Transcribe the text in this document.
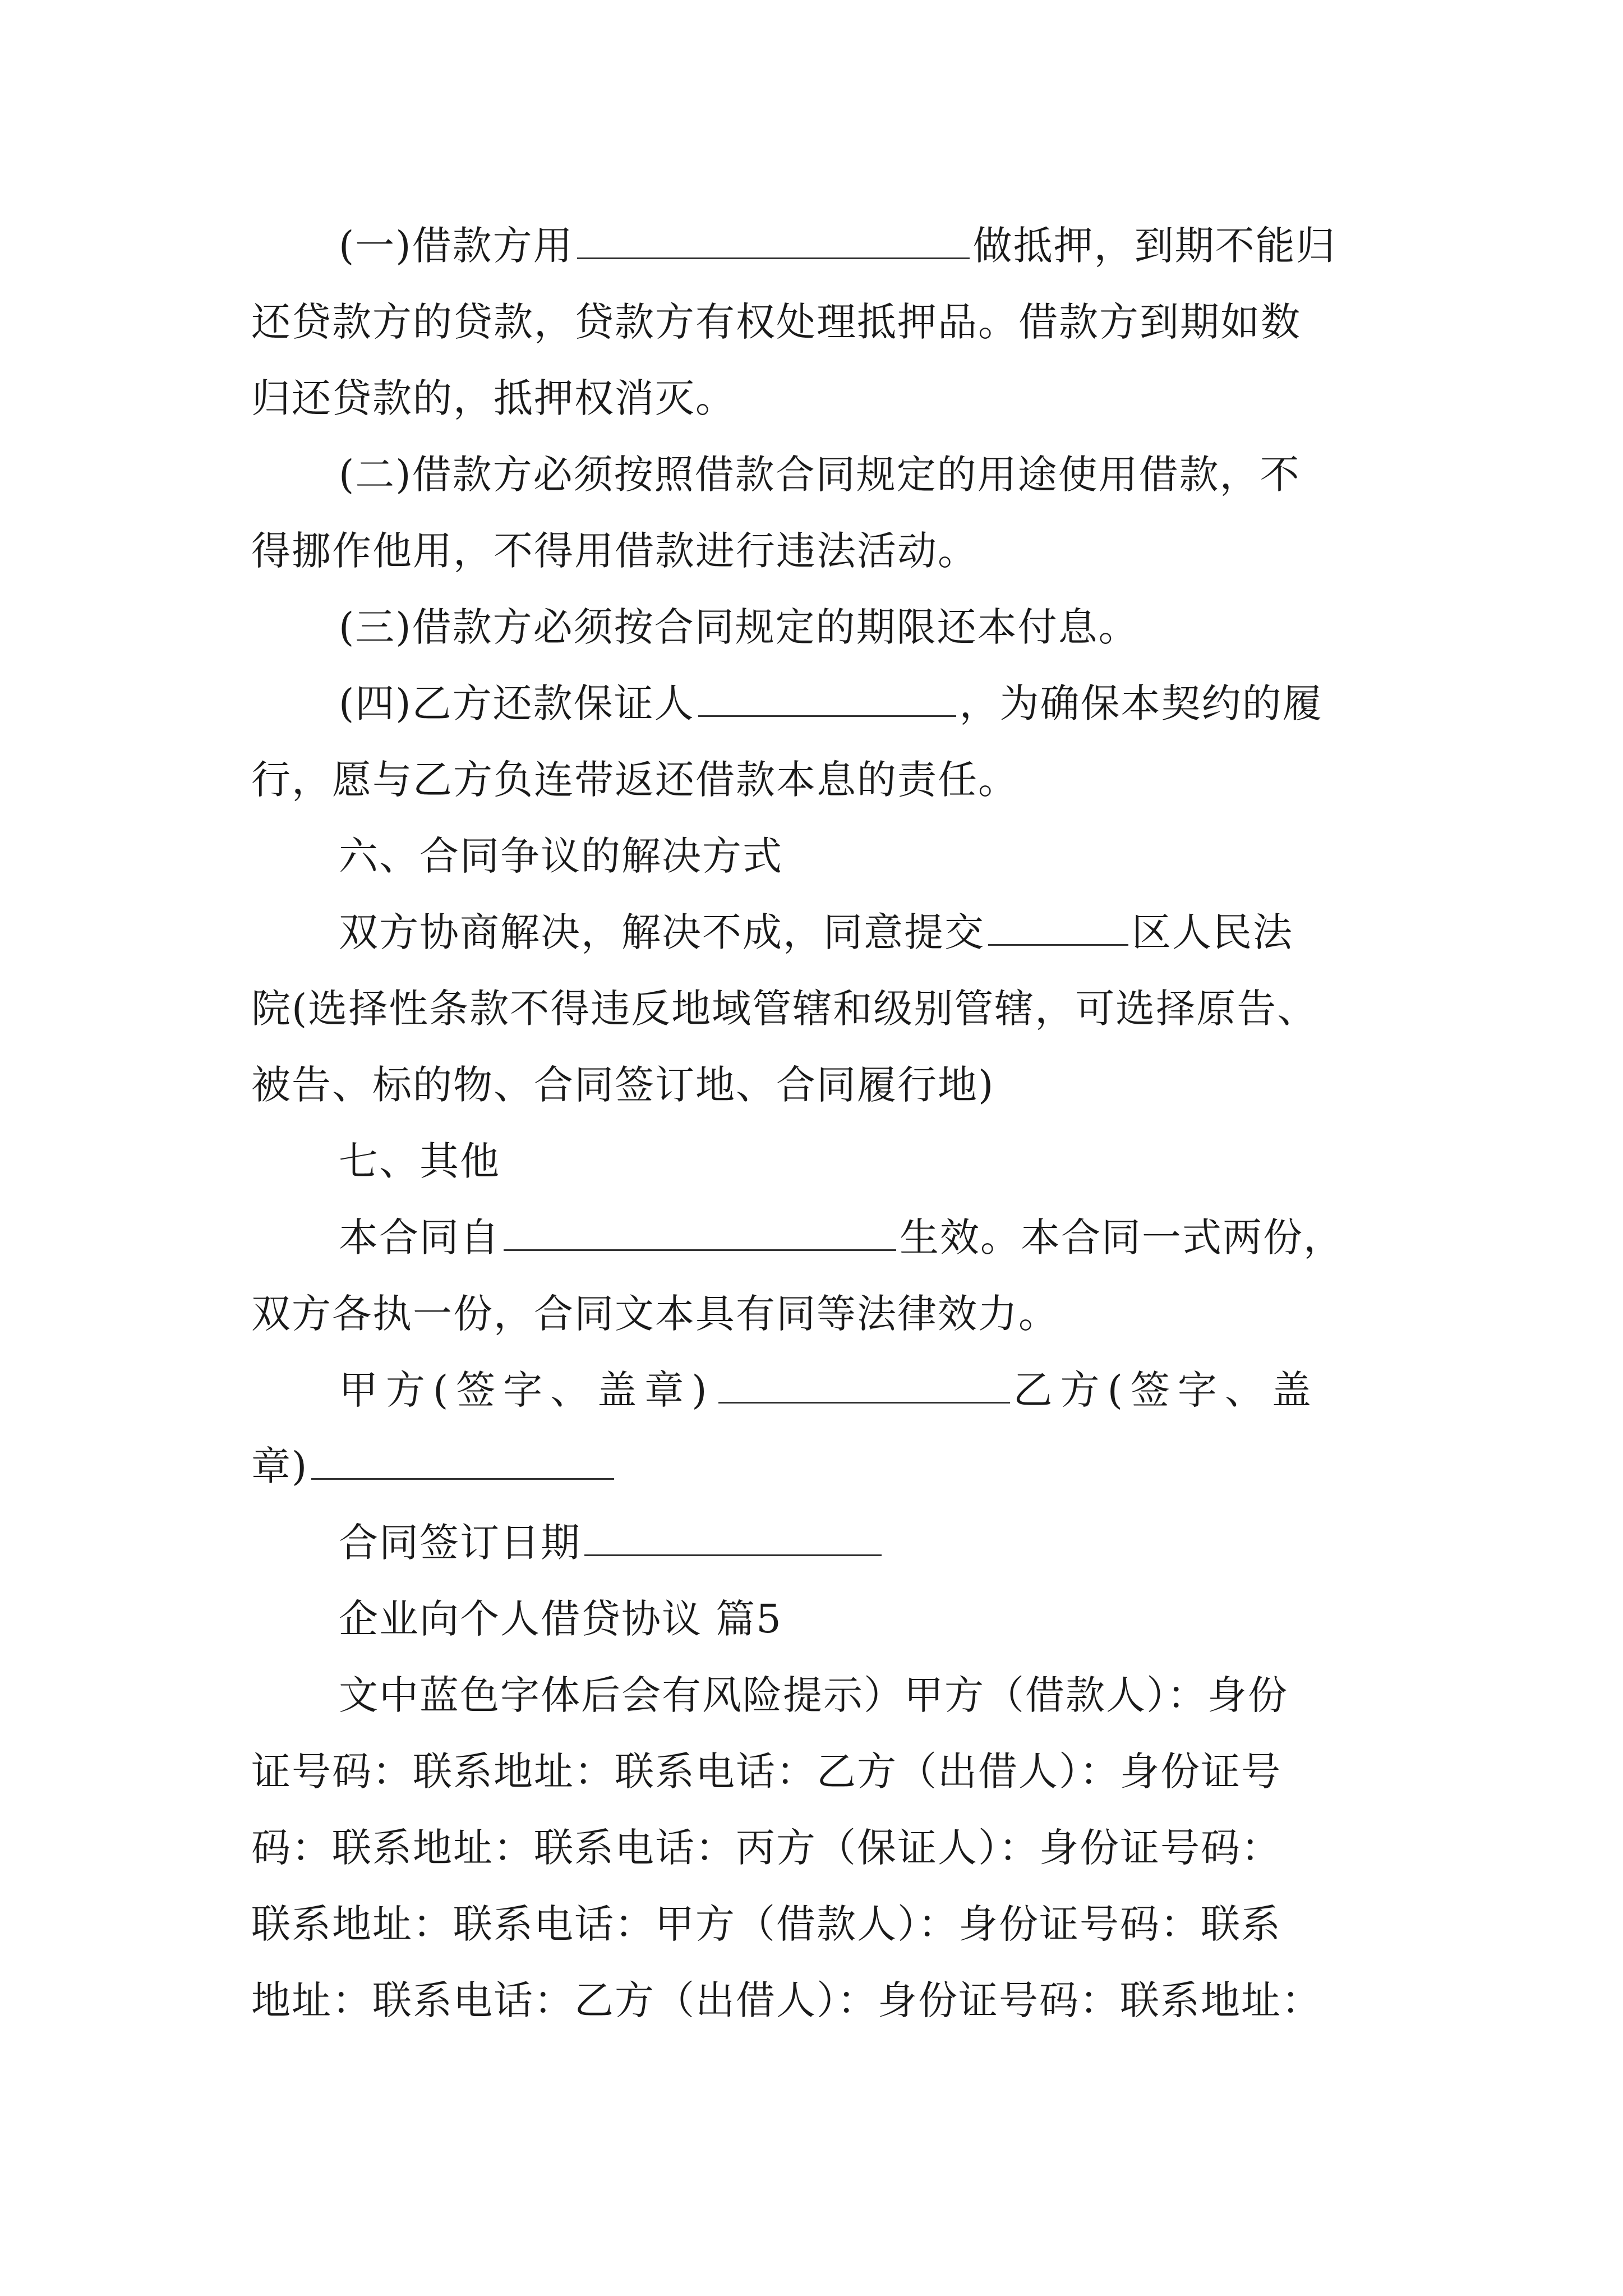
(一)借款方用	做抵押，到期不能归
还贷款方的贷款，贷款方有权处理抵押品。借款方到期如数
归还贷款的，抵押权消灭。
(二)借款方必须按照借款合同规定的用途使用借款，不
得挪作他用，不得用借款进行违法活动。
(三)借款方必须按合同规定的期限还本付息。
(四)乙方还款保证人	，为确保本契约的履
行，愿与乙方负连带返还借款本息的责任。
六、合同争议的解决方式
双方协商解决，解决不成，同意提交	区人民法
院(选择性条款不得违反地域管辖和级别管辖，可选择原告、
被告、标的物、合同签订地、合同履行地)
七、其他
本合同自	生效。本合同一式两份，
双方各执一份，合同文本具有同等法律效力。
甲方(签字、盖章)	乙方(签字、盖
章)
合同签订日期
企业向个人借贷协议 篇5
文中蓝色字体后会有风险提示）甲方（借款人）：身份
证号码：联系地址：联系电话：乙方（出借人）：身份证号
码：联系地址：联系电话：丙方（保证人）：身份证号码：
联系地址：联系电话：甲方（借款人）：身份证号码：联系
地址：联系电话：乙方（出借人）：身份证号码：联系地址：
